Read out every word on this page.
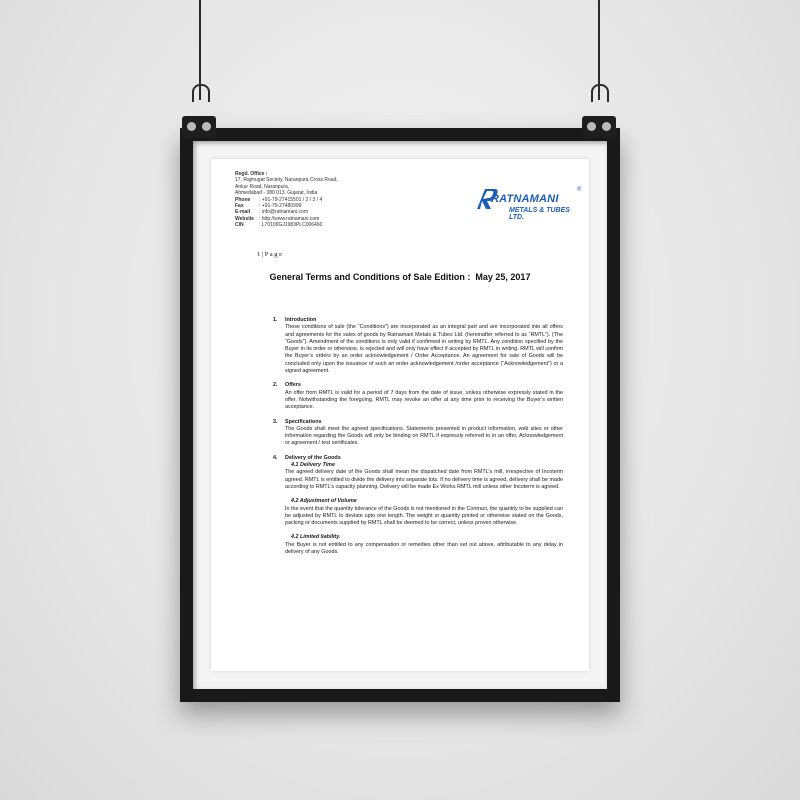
Regd. Office :
17, Rajmugat Society, Naranpura Cross Road,
Ankur Road, Naranpura,
Ahmedabad - 380 013. Gujarat, India
Phone	: +91-79-27415501 / 2 / 3 / 4
Fax	: +91-79-27480999
E-mail	: info@ratnamani.com
Website : http://www.ratnamani.com
CIN	: L70109GJ1983PLC006460
RATNAMANI
®
METALS & TUBES LTD.
1 | P a g e
General Terms and Conditions of Sale Edition : May 25, 2017
1. Introduction
These conditions of sale (the “Conditions”) are incorporated as an integral part and are incorporated into all offers and agreements for the sales of goods by Ratnamani Metals & Tubes Ltd. (hereinafter referred to as “RMTL”). (The “Goods”). Amendment of the conditions is only valid if confirmed in writing by RMTL. Any condition specified by the Buyer in its order or otherwise, is rejected and will only have effect if accepted by RMTL in writing. RMTL will confirm the Buyer’s orders by an order acknowledgement / Order Acceptance. An agreement for sale of Goods will be concluded only upon the issuance of such an order acknowledgement /order acceptance (“Acknowledgement”) or a signed agreement.
2. Offers
An offer from RMTL is valid for a period of 7 days from the date of issue, unless otherwise expressly stated in the offer. Notwithstanding the foregoing, RMTL may revoke an offer at any time prior to receiving the Buyer’s written acceptance.
3. Specifications
The Goods shall meet the agreed specifications. Statements presented in product information, web sites or other information regarding the Goods will only be binding on RMTL if expressly referred to in an offer, Acknowledgement or agreement / test certificates.
4. Delivery of the Goods
4.1 Delivery Time
The agreed delivery date of the Goods shall mean the dispatched date from RMTL’s mill, irrespective of Incoterm agreed. RMTL is entitled to divide the delivery into separate lots. If no delivery time is agreed, delivery shall be made according to RMTL’s capacity planning. Delivery will be made Ex Works RMTL mill unless other Incoterm is agreed.
4.2 Adjustment of Volume
In the event that the quantity tolerance of the Goods is not mentioned in the Contract, the quantity to be supplied can be adjusted by RMTL to deviate upto one length. The weight or quantity printed or otherwise stated on the Goods, packing or documents supplied by RMTL shall be deemed to be correct, unless proven otherwise.
4.2 Limited liability.
The Buyer is not entitled to any compensation or remedies other than set out above, attributable to any delay in delivery of any Goods.
